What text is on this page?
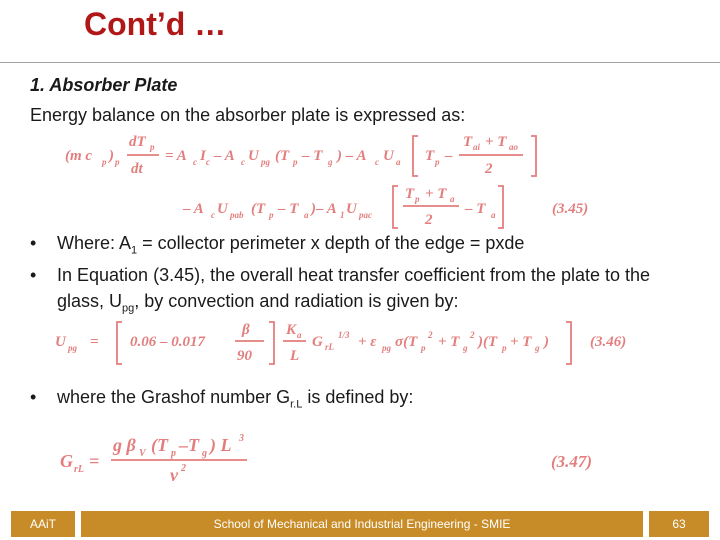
Cont’d …
1. Absorber Plate
Energy balance on the absorber plate is expressed as:
(m c p ) p
dT p
dt
= A c I c – A c U pg (T p – T g ) – A c U a T p –
T ai + T ao
2
– A c U pab (T p – T a )– A 1 U pac
T p + T a
2
– T a	(3.45)
• Where: $A_1$ = collector perimeter x depth of the edge = pxde
• In Equation (3.45), the overall heat transfer coefficient from the plate to the glass, $U_{pg}$, by convection and radiation is given by:
U pg = 0.06 – 0.017
β
90
K a
L
G rL
1/3 + ε pg σ(T p
2 + T g
2 )(T p + T g )	(3.46)
• where the Grashof number $G_{r.L}$ is defined by:
G rL =
g β V (T p –T g ) L 3
v 2	(3.47)
AAiT	School of Mechanical and Industrial Engineering - SMIE	63
